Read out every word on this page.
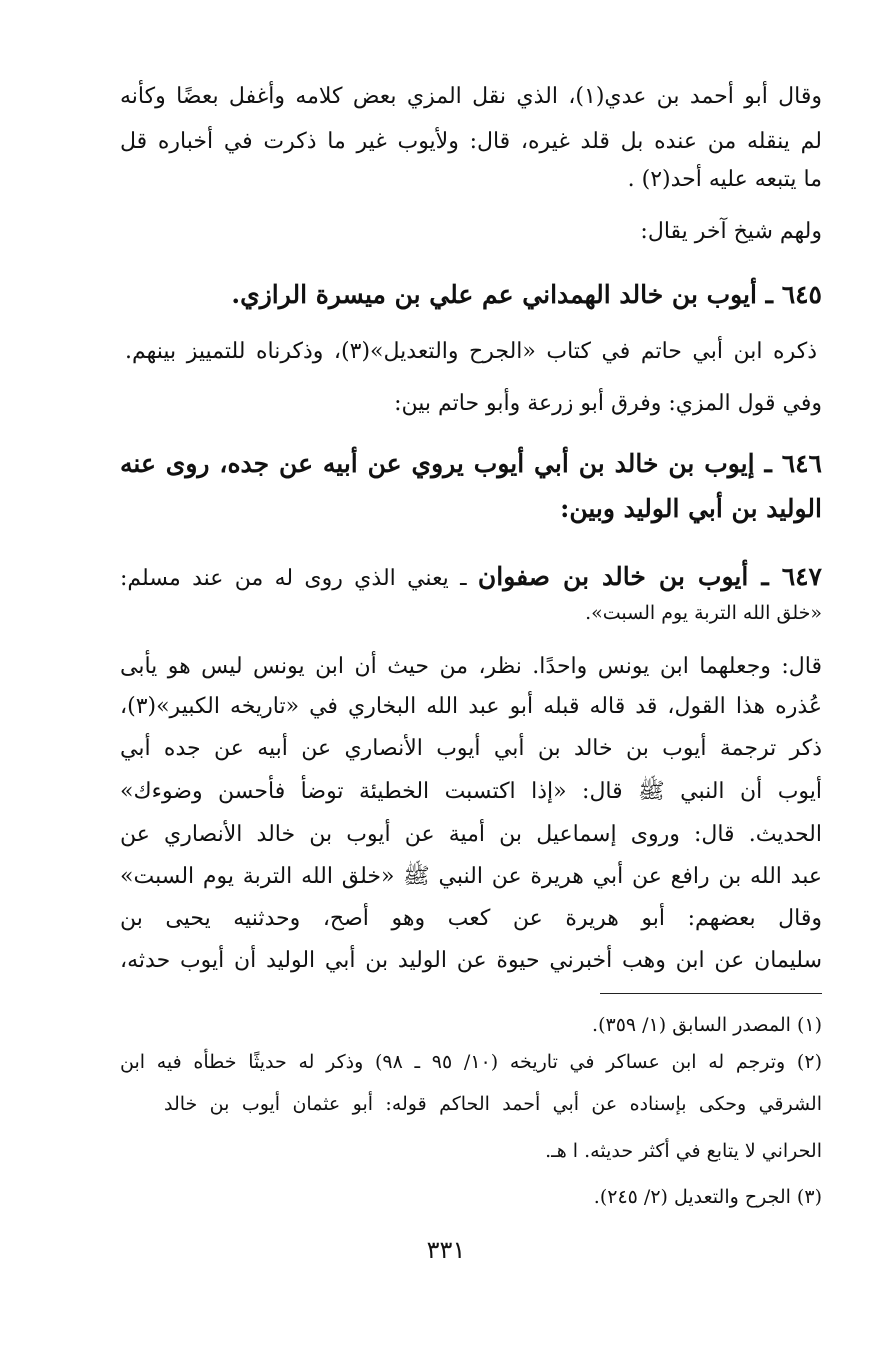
وقال أبو أحمد بن عدي(١)، الذي نقل المزي بعض كلامه وأغفل بعضًا وكأنه
لم ينقله من عنده بل قلد غيره، قال: ولأيوب غير ما ذكرت في أخباره قل
ما يتبعه عليه أحد(٢) .
ولهم شيخ آخر يقال:
٦٤٥ ـ أيوب بن خالد الهمداني عم علي بن ميسرة الرازي.
ذكره ابن أبي حاتم في كتاب «الجرح والتعديل»(٣)، وذكرناه للتمييز بينهم.
وفي قول المزي: وفرق أبو زرعة وأبو حاتم بين:
٦٤٦ ـ إيوب بن خالد بن أبي أيوب يروي عن أبيه عن جده، روى عنه
الوليد بن أبي الوليد وبين:
٦٤٧ ـ أيوب بن خالد بن صفوان ـ يعني الذي روى له من عند مسلم:
«خلق الله التربة يوم السبت».
قال: وجعلهما ابن يونس واحدًا. نظر، من حيث أن ابن يونس ليس هو يأبى
عُذره هذا القول، قد قاله قبله أبو عبد الله البخاري في «تاريخه الكبير»(٣)،
ذكر ترجمة أيوب بن خالد بن أبي أيوب الأنصاري عن أبيه عن جده أبي
أيوب أن النبي ﷺ قال: «إذا اكتسبت الخطيئة توضأ فأحسن وضوءك»
الحديث. قال: وروى إسماعيل بن أمية عن أيوب بن خالد الأنصاري عن
عبد الله بن رافع عن أبي هريرة عن النبي ﷺ «خلق الله التربة يوم السبت»
وقال بعضهم: أبو هريرة عن كعب وهو أصح، وحدثنيه يحيى بن
سليمان عن ابن وهب أخبرني حيوة عن الوليد بن أبي الوليد أن أيوب حدثه،
(١) المصدر السابق (١/ ٣٥٩).
(٢) وترجم له ابن عساكر في تاريخه (١٠/ ٩٥ ـ ٩٨) وذكر له حديثًا خطأه فيه ابن
الشرقي وحكى بإسناده عن أبي أحمد الحاكم قوله: أبو عثمان أيوب بن خالد
الحراني لا يتابع في أكثر حديثه. ا هـ.
(٣) الجرح والتعديل (٢/ ٢٤٥).
٣٣١
